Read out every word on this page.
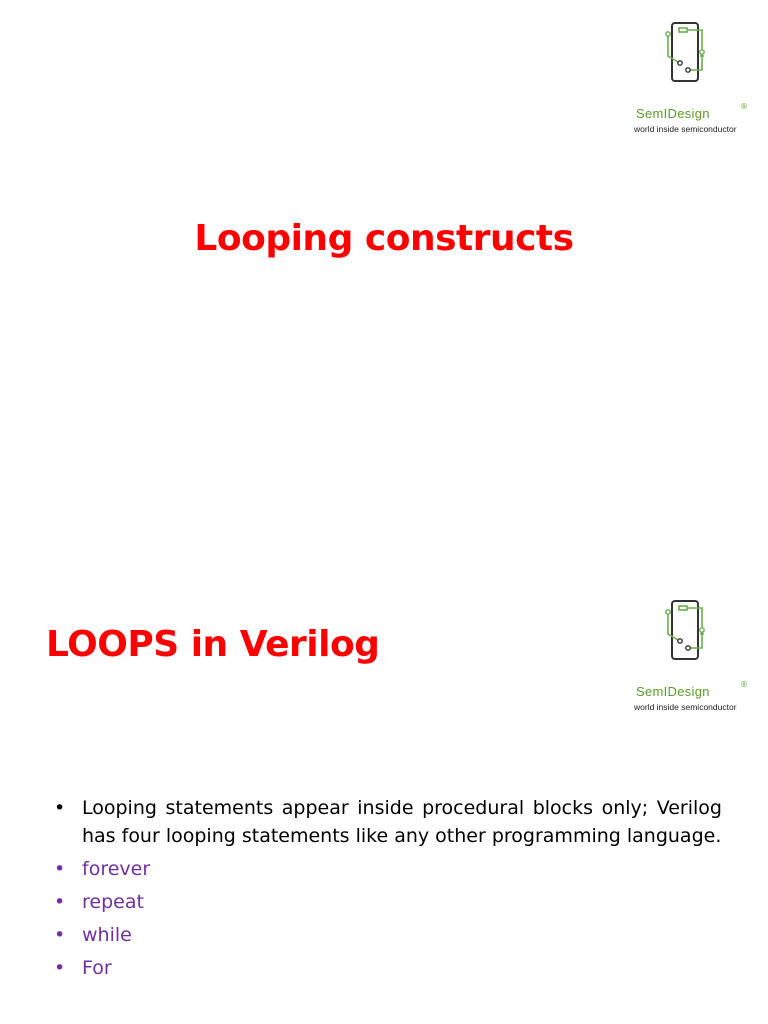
SemIDesign	®
world inside semiconductor
Looping constructs
SemIDesign	®
world inside semiconductor
LOOPS in Verilog
• Looping statements appear inside procedural blocks only; Verilog has four looping statements like any other programming language.
• forever
• repeat
• while
• For
